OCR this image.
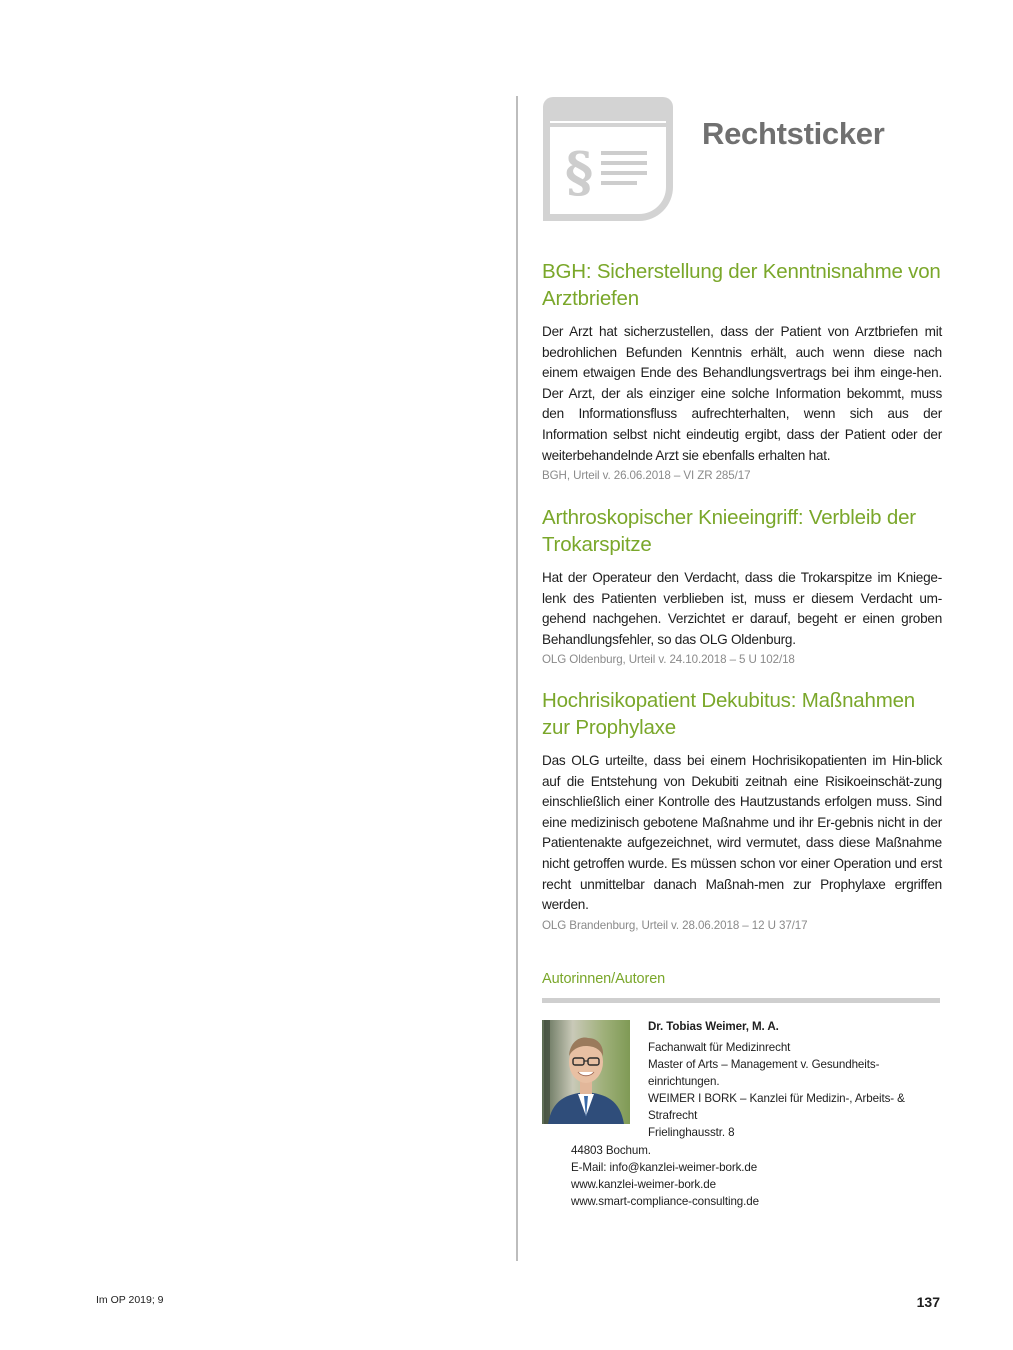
§
Rechtsticker
BGH: Sicherstellung der Kenntnisnahme von Arztbriefen

Der Arzt hat sicherzustellen, dass der Patient von Arztbriefen mit bedrohlichen Befunden Kenntnis erhält, auch wenn diese nach einem etwaigen Ende des Behandlungsvertrags bei ihm einge-hen. Der Arzt, der als einziger eine solche Information bekommt, muss den Informationsfluss aufrechterhalten, wenn sich aus der Information selbst nicht eindeutig ergibt, dass der Patient oder der weiterbehandelnde Arzt sie ebenfalls erhalten hat.

BGH, Urteil v. 26.06.2018 – VI ZR 285/17

Arthroskopischer Knieeingriff: Verbleib der Trokarspitze

Hat der Operateur den Verdacht, dass die Trokarspitze im Kniege-lenk des Patienten verblieben ist, muss er diesem Verdacht um-gehend nachgehen. Verzichtet er darauf, begeht er einen groben Behandlungsfehler, so das OLG Oldenburg.

OLG Oldenburg, Urteil v. 24.10.2018 – 5 U 102/18

Hochrisikopatient Dekubitus: Maßnahmen zur Prophylaxe

Das OLG urteilte, dass bei einem Hochrisikopatienten im Hin-blick auf die Entstehung von Dekubiti zeitnah eine Risikoeinschät-zung einschließlich einer Kontrolle des Hautzustands erfolgen muss. Sind eine medizinisch gebotene Maßnahme und ihr Er-gebnis nicht in der Patientenakte aufgezeichnet, wird vermutet, dass diese Maßnahme nicht getroffen wurde. Es müssen schon vor einer Operation und erst recht unmittelbar danach Maßnah-men zur Prophylaxe ergriffen werden.

OLG Brandenburg, Urteil v. 28.06.2018 – 12 U 37/17

Autorinnen/Autoren
Dr. Tobias Weimer, M. A.
Fachanwalt für Medizinrecht
Master of Arts – Management v. Gesundheits-einrichtungen.
WEIMER I BORK – Kanzlei für Medizin-, Arbeits- & Strafrecht
Frielinghausstr. 8
44803 Bochum.
E-Mail: info@kanzlei-weimer-bork.de
www.kanzlei-weimer-bork.de
www.smart-compliance-consulting.de
Im OP 2019; 9	137
